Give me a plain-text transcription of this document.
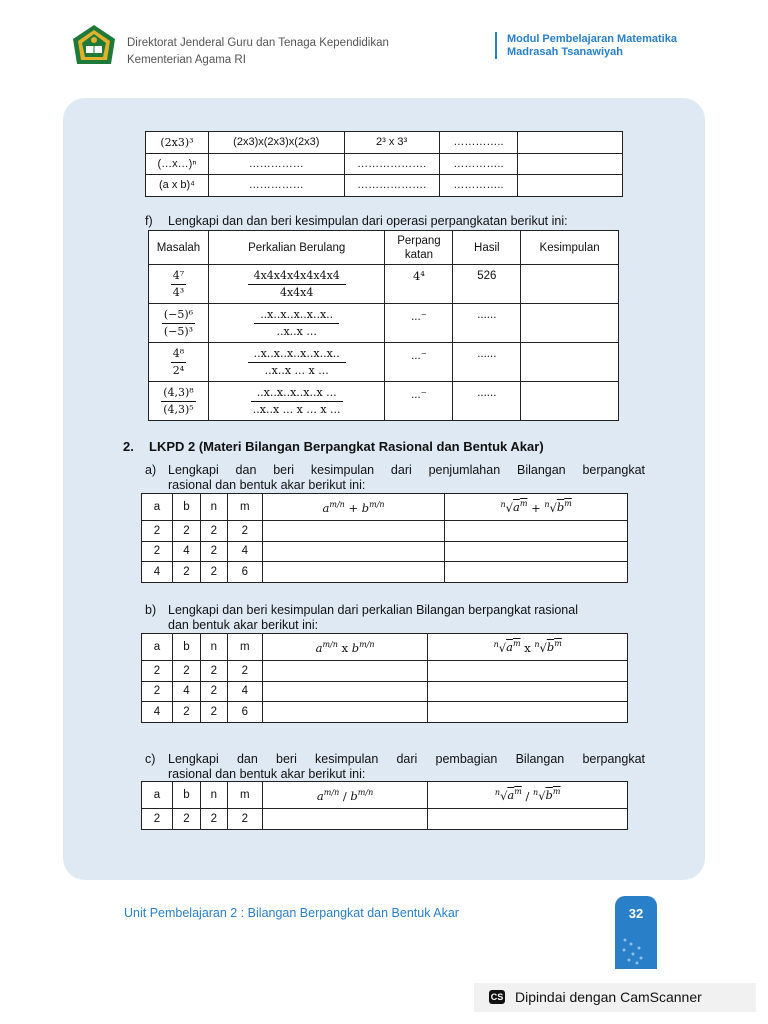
Direktorat Jenderal Guru dan Tenaga Kependidikan
Kementerian Agama RI
Modul Pembelajaran Matematika
Madrasah Tsanawiyah
(2x3)³	(2x3)x(2x3)x(2x3)	2³ x 3³	…………..	
(…x…)ⁿ	……………	……………….	…………..	
(a x b)⁴	……………	……………….	…………..	
f) Lengkapi dan dan beri kesimpulan dari operasi perpangkatan berikut ini:
Masalah	Perkalian Berulang	Perpang katan	Hasil	Kesimpulan

$\frac{\text{4⁷}}{\text{4³}}$	$\frac{4x4x4x4x4x4x4}{4x4x4}$	4⁴	526	

$\frac{\text{(−5)⁶}}{\text{(−5)³}}$	$\frac{..x..x..x..x..x..}{..x..x ...}$	...⁻	......	

$\frac{\text{4⁸}}{\text{2⁴}}$	$\frac{..x..x..x..x..x..x..}{..x..x ... x ...}$	...⁻	......	

$\frac{\text{(4,3)⁸}}{\text{(4,3)⁵}}$	$\frac{..x..x..x..x..x ...}{..x..x ... x ... x ...}$	...⁻	......	
2. LKPD 2 (Materi Bilangan Berpangkat Rasional dan Bentuk Akar)
a) Lengkapi dan beri kesimpulan dari penjumlahan Bilangan berpangkat
rasional dan bentuk akar berikut ini:
a	b	n	m	$a^{m/n} + b^{m/n}$	$^n√a^m + ^n√b^m$
2	2	2	2		
2	4	2	4		
4	2	2	6		
b) Lengkapi dan beri kesimpulan dari perkalian Bilangan berpangkat rasional
dan bentuk akar berikut ini:
a	b	n	m	$a^{m/n}$ x $b^{m/n}$	$^n√a^m$ x $^n√b^m$
2	2	2	2		
2	4	2	4		
4	2	2	6		
c) Lengkapi dan beri kesimpulan dari pembagian Bilangan berpangkat
rasional dan bentuk akar berikut ini:
a	b	n	m	$a^{m/n} / b^{m/n}$	$^n√a^m / ^n√b^m$
2	2	2	2		
Unit Pembelajaran 2 : Bilangan Berpangkat dan Bentuk Akar	32
CS Dipindai dengan CamScanner
